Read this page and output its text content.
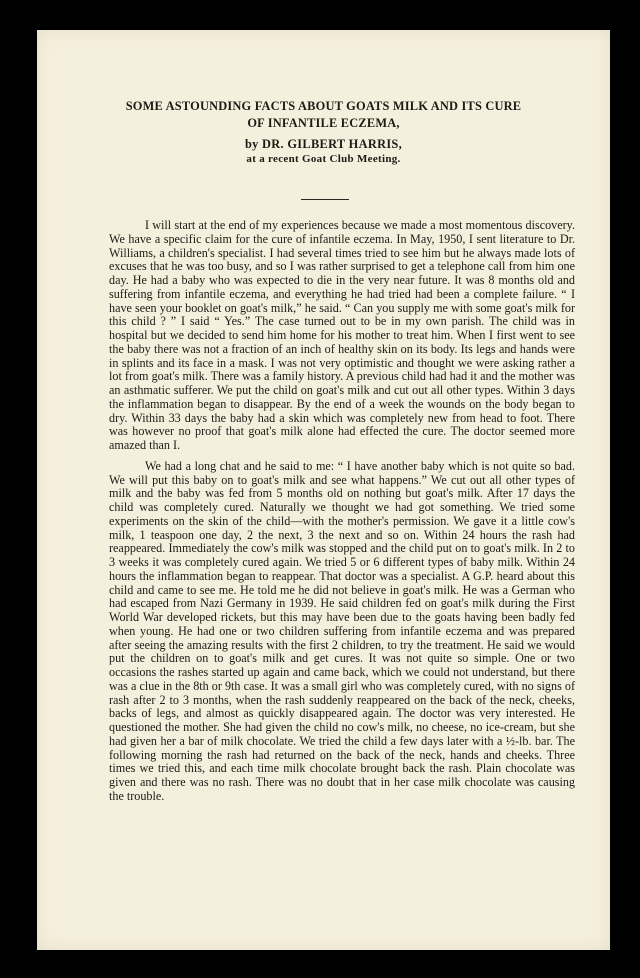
SOME ASTOUNDING FACTS ABOUT GOATS MILK AND ITS CURE
OF INFANTILE ECZEMA,
by DR. GILBERT HARRIS,
at a recent Goat Club Meeting.

I will start at the end of my experiences because we made a most momentous discovery. We have a specific claim for the cure of infantile eczema. In May, 1950, I sent literature to Dr. Williams, a children's specialist. I had several times tried to see him but he always made lots of excuses that he was too busy, and so I was rather surprised to get a telephone call from him one day. He had a baby who was expected to die in the very near future. It was 8 months old and suffering from infantile eczema, and everything he had tried had been a complete failure. “ I have seen your booklet on goat's milk,” he said. “ Can you supply me with some goat's milk for this child ? ” I said “ Yes.” The case turned out to be in my own parish. The child was in hospital but we decided to send him home for his mother to treat him. When I first went to see the baby there was not a fraction of an inch of healthy skin on its body. Its legs and hands were in splints and its face in a mask. I was not very optimistic and thought we were asking rather a lot from goat's milk. There was a family history. A previous child had had it and the mother was an asthmatic sufferer. We put the child on goat's milk and cut out all other types. Within 3 days the inflammation began to disappear. By the end of a week the wounds on the body began to dry. Within 33 days the baby had a skin which was completely new from head to foot. There was however no proof that goat's milk alone had effected the cure. The doctor seemed more amazed than I.

We had a long chat and he said to me: “ I have another baby which is not quite so bad. We will put this baby on to goat's milk and see what happens.” We cut out all other types of milk and the baby was fed from 5 months old on nothing but goat's milk. After 17 days the child was completely cured. Naturally we thought we had got something. We tried some experiments on the skin of the child—with the mother's permission. We gave it a little cow's milk, 1 teaspoon one day, 2 the next, 3 the next and so on. Within 24 hours the rash had reappeared. Immediately the cow's milk was stopped and the child put on to goat's milk. In 2 to 3 weeks it was completely cured again. We tried 5 or 6 different types of baby milk. Within 24 hours the inflammation began to reappear. That doctor was a specialist. A G.P. heard about this child and came to see me. He told me he did not believe in goat's milk. He was a German who had escaped from Nazi Germany in 1939. He said children fed on goat's milk during the First World War developed rickets, but this may have been due to the goats having been badly fed when young. He had one or two children suffering from infantile eczema and was prepared after seeing the amazing results with the first 2 children, to try the treatment. He said we would put the children on to goat's milk and get cures. It was not quite so simple. One or two occasions the rashes started up again and came back, which we could not understand, but there was a clue in the 8th or 9th case. It was a small girl who was completely cured, with no signs of rash after 2 to 3 months, when the rash suddenly reappeared on the back of the neck, cheeks, backs of legs, and almost as quickly disappeared again. The doctor was very interested. He questioned the mother. She had given the child no cow's milk, no cheese, no ice-cream, but she had given her a bar of milk chocolate. We tried the child a few days later with a ½-lb. bar. The following morning the rash had returned on the back of the neck, hands and cheeks. Three times we tried this, and each time milk chocolate brought back the rash. Plain chocolate was given and there was no rash. There was no doubt that in her case milk chocolate was causing the trouble.
